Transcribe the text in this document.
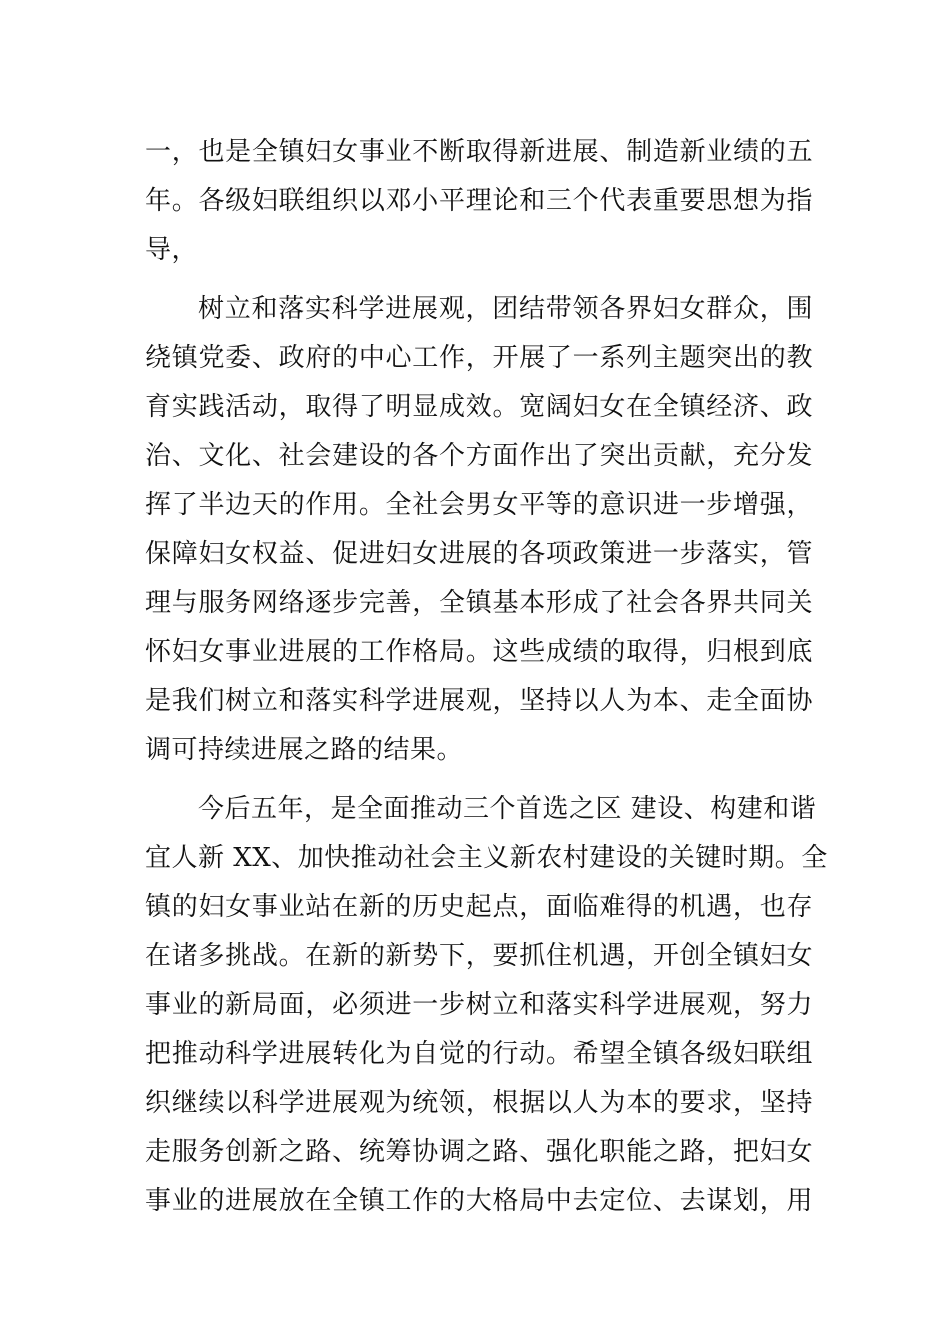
一，也是全镇妇女事业不断取得新进展、制造新业绩的五
年。各级妇联组织以邓小平理论和三个代表重要思想为指
导，
树立和落实科学进展观，团结带领各界妇女群众，围
绕镇党委、政府的中心工作，开展了一系列主题突出的教
育实践活动，取得了明显成效。宽阔妇女在全镇经济、政
治、文化、社会建设的各个方面作出了突出贡献，充分发
挥了半边天的作用。全社会男女平等的意识进一步增强，
保障妇女权益、促进妇女进展的各项政策进一步落实，管
理与服务网络逐步完善，全镇基本形成了社会各界共同关
怀妇女事业进展的工作格局。这些成绩的取得，归根到底
是我们树立和落实科学进展观，坚持以人为本、走全面协
调可持续进展之路的结果。
今后五年，是全面推动三个首选之区 建设、构建和谐
宜人新 XX、加快推动社会主义新农村建设的关键时期。全
镇的妇女事业站在新的历史起点，面临难得的机遇，也存
在诸多挑战。在新的新势下，要抓住机遇，开创全镇妇女
事业的新局面，必须进一步树立和落实科学进展观，努力
把推动科学进展转化为自觉的行动。希望全镇各级妇联组
织继续以科学进展观为统领，根据以人为本的要求，坚持
走服务创新之路、统筹协调之路、强化职能之路，把妇女
事业的进展放在全镇工作的大格局中去定位、去谋划，用
